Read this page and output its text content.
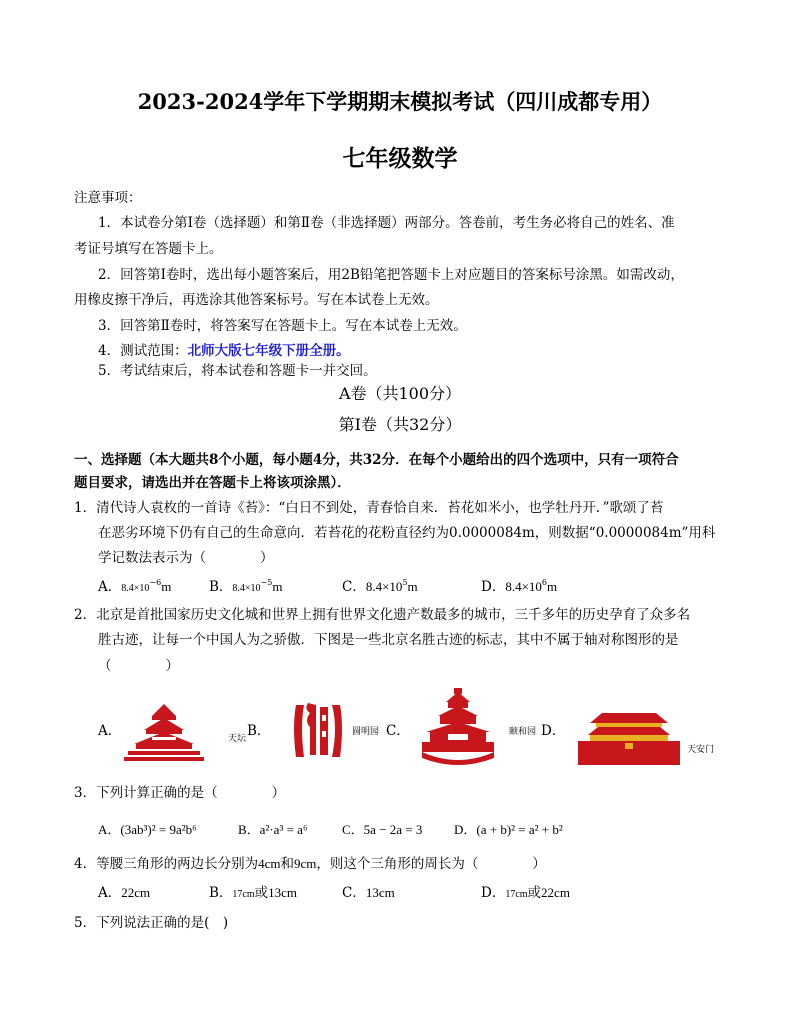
2023-2024学年下学期期末模拟考试（四川成都专用）
七年级数学
注意事项：
1．本试卷分第Ⅰ卷（选择题）和第Ⅱ卷（非选择题）两部分。答卷前，考生务必将自己的姓名、准
考证号填写在答题卡上。
2．回答第Ⅰ卷时，选出每小题答案后，用2B铅笔把答题卡上对应题目的答案标号涂黑。如需改动，
用橡皮擦干净后，再选涂其他答案标号。写在本试卷上无效。
3．回答第Ⅱ卷时，将答案写在答题卡上。写在本试卷上无效。
4．测试范围：北师大版七年级下册全册。
5．考试结束后，将本试卷和答题卡一并交回。
A卷（共100分）
第Ⅰ卷（共32分）
一、选择题（本大题共8个小题，每小题4分，共32分．在每个小题给出的四个选项中，只有一项符合
题目要求，请选出并在答题卡上将该项涂黑）．
1．清代诗人袁枚的一首诗《苔》：“白日不到处，青春恰自来．苔花如米小，也学牡丹开．”歌颂了苔
在恶劣环境下仍有自己的生命意向．若苔花的花粉直径约为0.0000084m，则数据“0.0000084m”用科
学记数法表示为（　　　　）
A．$8.4\times 10^{-6}m$	B．$8.4\times 10^{-5}m$	C．$8.4\times 10^5m$	D．$8.4\times 10^6m$
2．北京是首批国家历史文化城和世界上拥有世界文化遗产数最多的城市，三千多年的历史孕育了众多名
胜古迹，让每一个中国人为之骄傲．下图是一些北京名胜古迹的标志，其中不属于轴对称图形的是
（　　　　）
A．	天坛 B．	圆明园 C．	颐和园 D．
天安门
3．下列计算正确的是（　　　　）
A．(3ab³)² = 9a²b⁶	B．a²·a³ = a⁶	C．5a − 2a = 3 D．(a + b)² = a² + b²
4．等腰三角形的两边长分别为4cm和9cm，则这个三角形的周长为（　　　　）
A．22cm	B．17cm或13cm	C．13cm	D．17cm或22cm
5．下列说法正确的是(　)
